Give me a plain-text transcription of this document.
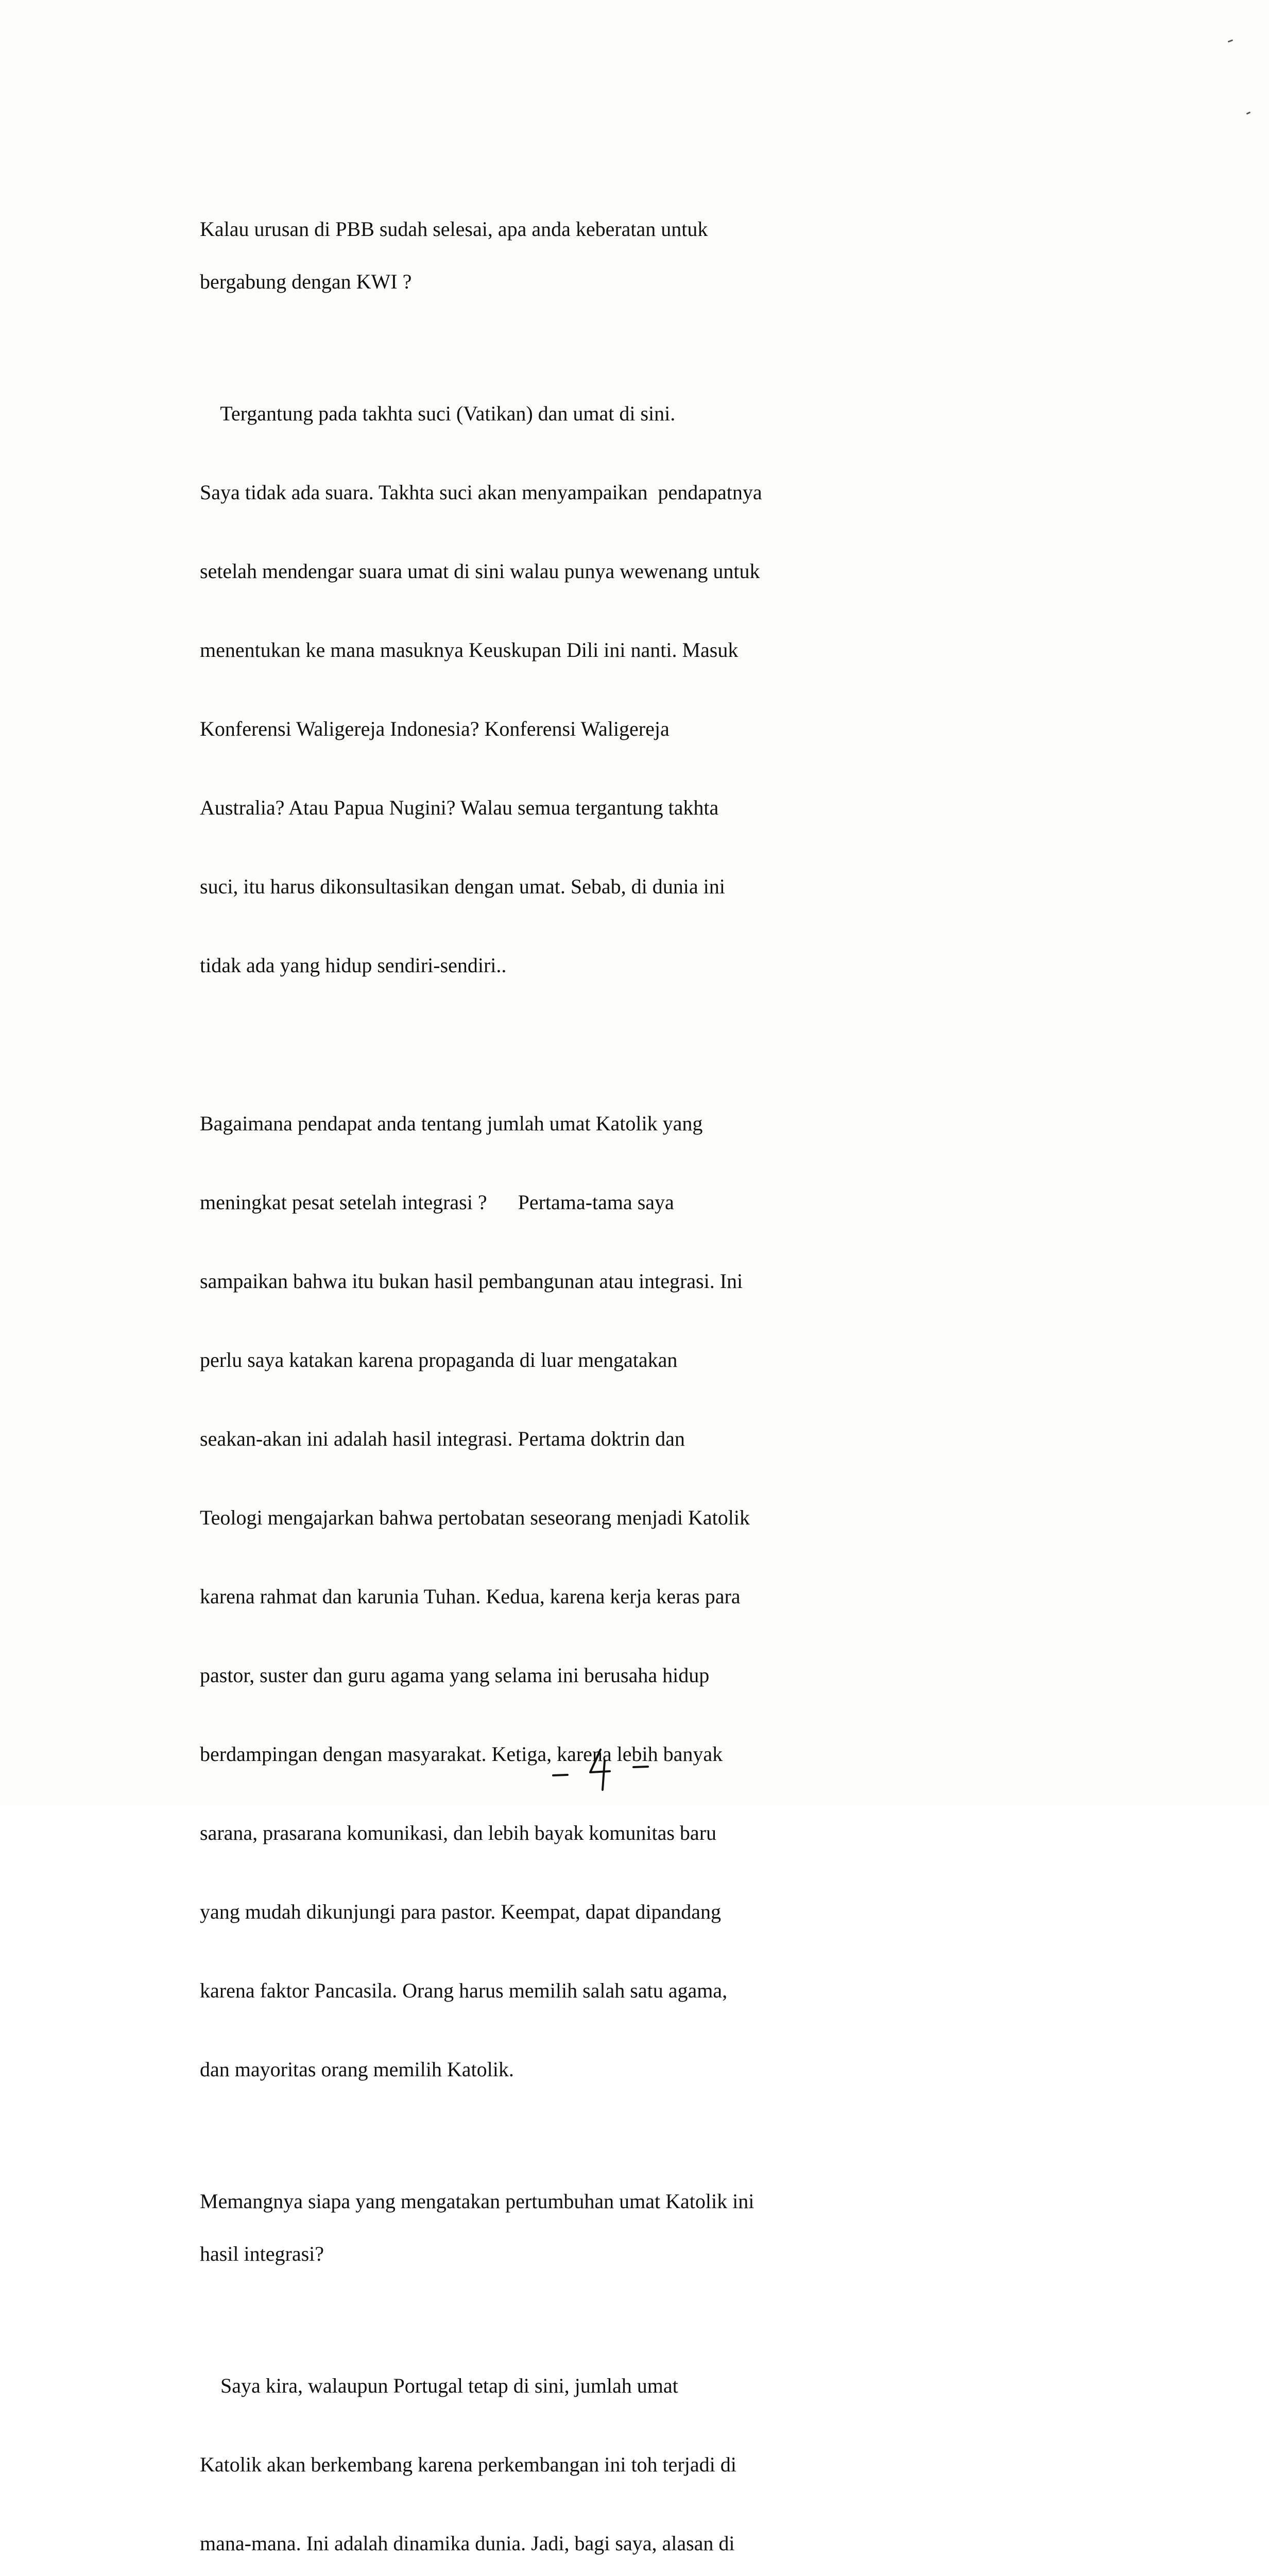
Kalau urusan di PBB sudah selesai, apa anda keberatan untuk

bergabung dengan KWI ?

Tergantung pada takhta suci (Vatikan) dan umat di sini.

Saya tidak ada suara. Takhta suci akan menyampaikan  pendapatnya

setelah mendengar suara umat di sini walau punya wewenang untuk

menentukan ke mana masuknya Keuskupan Dili ini nanti. Masuk

Konferensi Waligereja Indonesia? Konferensi Waligereja

Australia? Atau Papua Nugini? Walau semua tergantung takhta

suci, itu harus dikonsultasikan dengan umat. Sebab, di dunia ini

tidak ada yang hidup sendiri-sendiri..

Bagaimana pendapat anda tentang jumlah umat Katolik yang

meningkat pesat setelah integrasi ?      Pertama-tama saya

sampaikan bahwa itu bukan hasil pembangunan atau integrasi. Ini

perlu saya katakan karena propaganda di luar mengatakan

seakan-akan ini adalah hasil integrasi. Pertama doktrin dan

Teologi mengajarkan bahwa pertobatan seseorang menjadi Katolik

karena rahmat dan karunia Tuhan. Kedua, karena kerja keras para

pastor, suster dan guru agama yang selama ini berusaha hidup

berdampingan dengan masyarakat. Ketiga, karena lebih banyak

sarana, prasarana komunikasi, dan lebih bayak komunitas baru

yang mudah dikunjungi para pastor. Keempat, dapat dipandang

karena faktor Pancasila. Orang harus memilih salah satu agama,

dan mayoritas orang memilih Katolik.

Memangnya siapa yang mengatakan pertumbuhan umat Katolik ini

hasil integrasi?

Saya kira, walaupun Portugal tetap di sini, jumlah umat

Katolik akan berkembang karena perkembangan ini toh terjadi di

mana-mana. Ini adalah dinamika dunia. Jadi, bagi saya, alasan di
